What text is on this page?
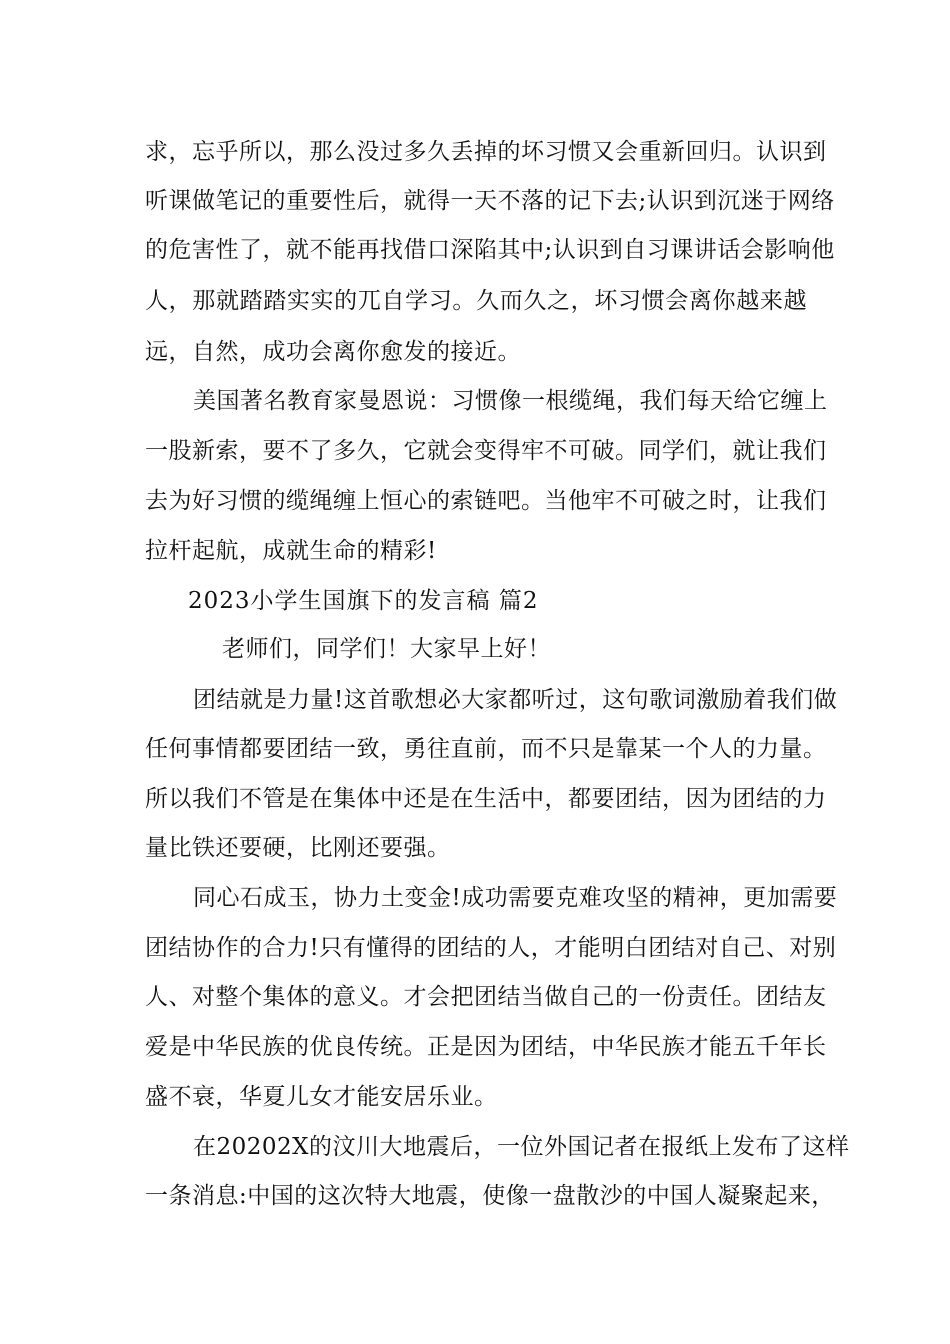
求，忘乎所以，那么没过多久丢掉的坏习惯又会重新回归。认识到
听课做笔记的重要性后，就得一天不落的记下去;认识到沉迷于网络
的危害性了，就不能再找借口深陷其中;认识到自习课讲话会影响他
人，那就踏踏实实的兀自学习。久而久之，坏习惯会离你越来越
远，自然，成功会离你愈发的接近。
美国著名教育家曼恩说：习惯像一根缆绳，我们每天给它缠上
一股新索，要不了多久，它就会变得牢不可破。同学们，就让我们
去为好习惯的缆绳缠上恒心的索链吧。当他牢不可破之时，让我们
拉杆起航，成就生命的精彩!
2023小学生国旗下的发言稿 篇2
老师们，同学们！大家早上好！
团结就是力量!这首歌想必大家都听过，这句歌词激励着我们做
任何事情都要团结一致，勇往直前，而不只是靠某一个人的力量。
所以我们不管是在集体中还是在生活中，都要团结，因为团结的力
量比铁还要硬，比刚还要强。
同心石成玉，协力土变金!成功需要克难攻坚的精神，更加需要
团结协作的合力!只有懂得的团结的人，才能明白团结对自己、对别
人、对整个集体的意义。才会把团结当做自己的一份责任。团结友
爱是中华民族的优良传统。正是因为团结，中华民族才能五千年长
盛不衰，华夏儿女才能安居乐业。
在20202X的汶川大地震后，一位外国记者在报纸上发布了这样
一条消息:中国的这次特大地震，使像一盘散沙的中国人凝聚起来，
